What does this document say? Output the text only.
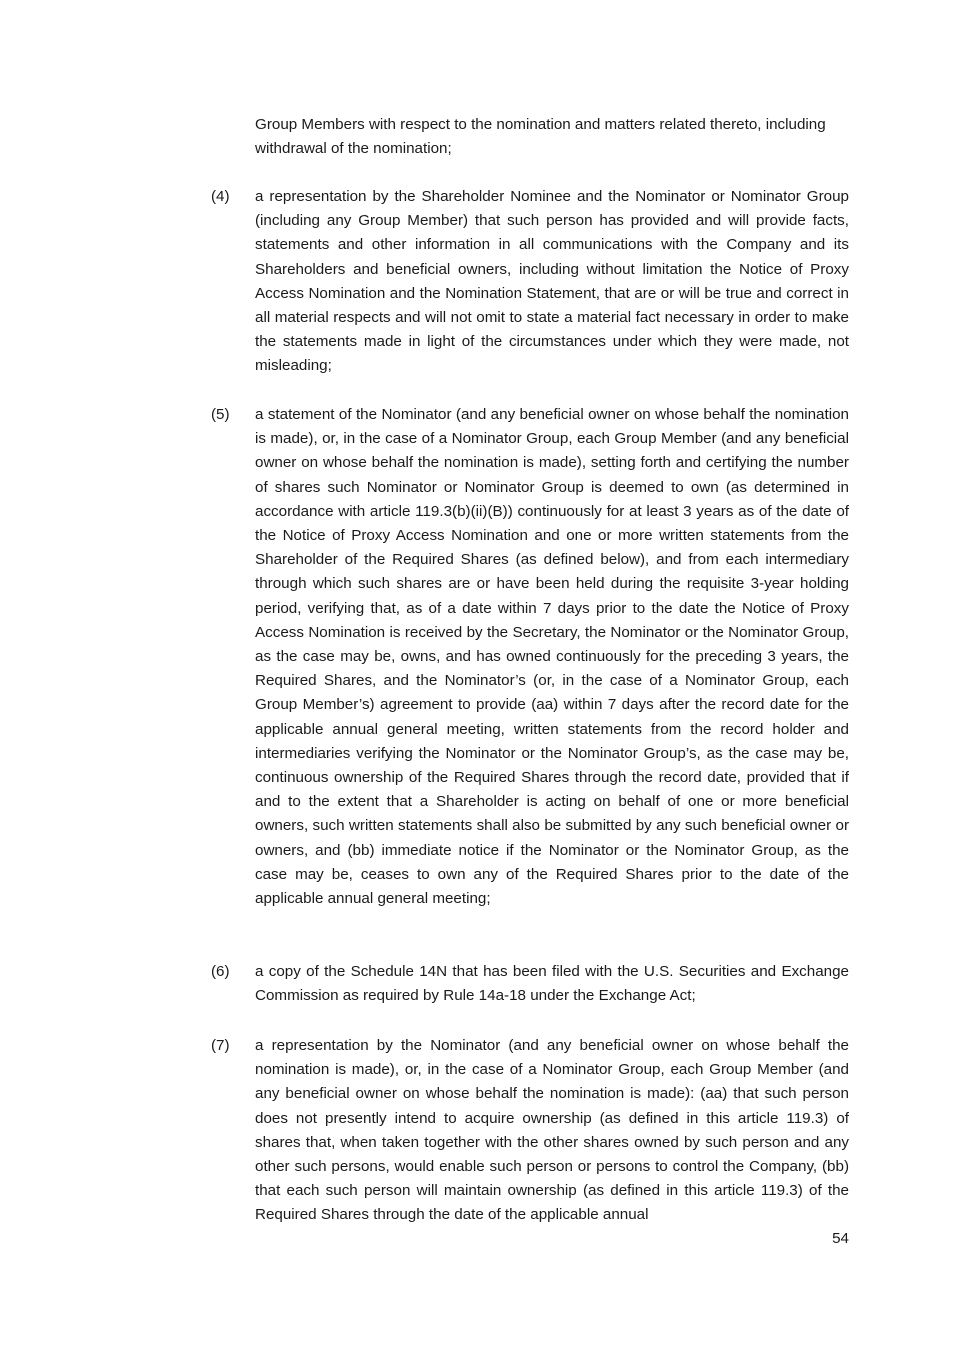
Group Members with respect to the nomination and matters related thereto, including withdrawal of the nomination;

(4) a representation by the Shareholder Nominee and the Nominator or Nominator Group (including any Group Member) that such person has provided and will provide facts, statements and other information in all communications with the Company and its Shareholders and beneficial owners, including without limitation the Notice of Proxy Access Nomination and the Nomination Statement, that are or will be true and correct in all material respects and will not omit to state a material fact necessary in order to make the statements made in light of the circumstances under which they were made, not misleading;

(5) a statement of the Nominator (and any beneficial owner on whose behalf the nomination is made), or, in the case of a Nominator Group, each Group Member (and any beneficial owner on whose behalf the nomination is made), setting forth and certifying the number of shares such Nominator or Nominator Group is deemed to own (as determined in accordance with article 119.3(b)(ii)(B)) continuously for at least 3 years as of the date of the Notice of Proxy Access Nomination and one or more written statements from the Shareholder of the Required Shares (as defined below), and from each intermediary through which such shares are or have been held during the requisite 3-year holding period, verifying that, as of a date within 7 days prior to the date the Notice of Proxy Access Nomination is received by the Secretary, the Nominator or the Nominator Group, as the case may be, owns, and has owned continuously for the preceding 3 years, the Required Shares, and the Nominator’s (or, in the case of a Nominator Group, each Group Member’s) agreement to provide (aa) within 7 days after the record date for the applicable annual general meeting, written statements from the record holder and intermediaries verifying the Nominator or the Nominator Group’s, as the case may be, continuous ownership of the Required Shares through the record date, provided that if and to the extent that a Shareholder is acting on behalf of one or more beneficial owners, such written statements shall also be submitted by any such beneficial owner or owners, and (bb) immediate notice if the Nominator or the Nominator Group, as the case may be, ceases to own any of the Required Shares prior to the date of the applicable annual general meeting;

(6) a copy of the Schedule 14N that has been filed with the U.S. Securities and Exchange Commission as required by Rule 14a-18 under the Exchange Act;

(7) a representation by the Nominator (and any beneficial owner on whose behalf the nomination is made), or, in the case of a Nominator Group, each Group Member (and any beneficial owner on whose behalf the nomination is made): (aa) that such person does not presently intend to acquire ownership (as defined in this article 119.3) of shares that, when taken together with the other shares owned by such person and any other such persons, would enable such person or persons to control the Company, (bb) that each such person will maintain ownership (as defined in this article 119.3) of the Required Shares through the date of the applicable annual

54
